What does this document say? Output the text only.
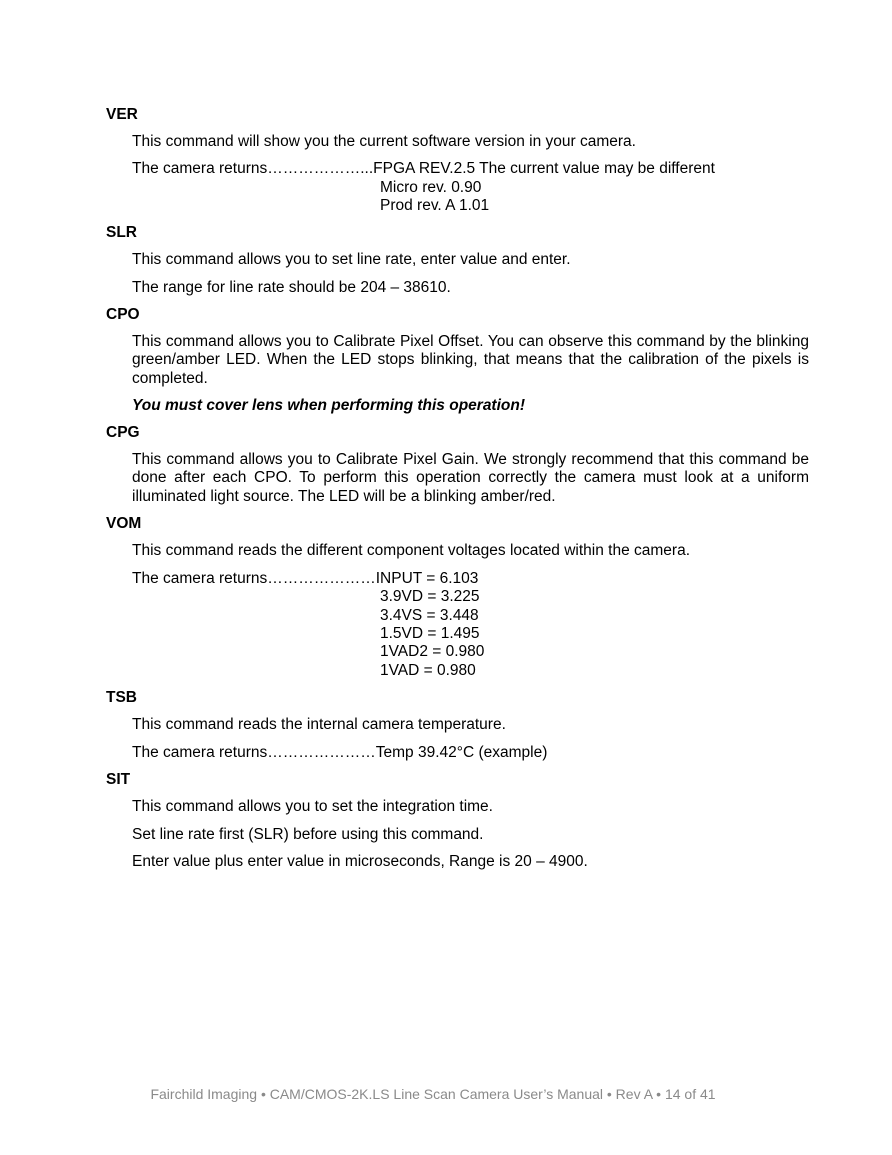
VER
This command will show you the current software version in your camera.
The camera returns………………...FPGA REV.2.5 The current value may be different
Micro rev. 0.90
Prod rev. A 1.01
SLR
This command allows you to set line rate, enter value and enter.
The range for line rate should be 204 – 38610.
CPO
This command allows you to Calibrate Pixel Offset. You can observe this command by the blinking green/amber LED. When the LED stops blinking, that means that the calibration of the pixels is completed.
You must cover lens when performing this operation!
CPG
This command allows you to Calibrate Pixel Gain. We strongly recommend that this command be done after each CPO. To perform this operation correctly the camera must look at a uniform illuminated light source. The LED will be a blinking amber/red.
VOM
This command reads the different component voltages located within the camera.
The camera returns…………………INPUT = 6.103
3.9VD = 3.225
3.4VS = 3.448
1.5VD = 1.495
1VAD2 = 0.980
1VAD = 0.980
TSB
This command reads the internal camera temperature.
The camera returns…………………Temp 39.42°C (example)
SIT
This command allows you to set the integration time.
Set line rate first (SLR) before using this command.
Enter value plus enter value in microseconds, Range is 20 – 4900.
Fairchild Imaging • CAM/CMOS-2K.LS Line Scan Camera User’s Manual • Rev A • 14 of 41
